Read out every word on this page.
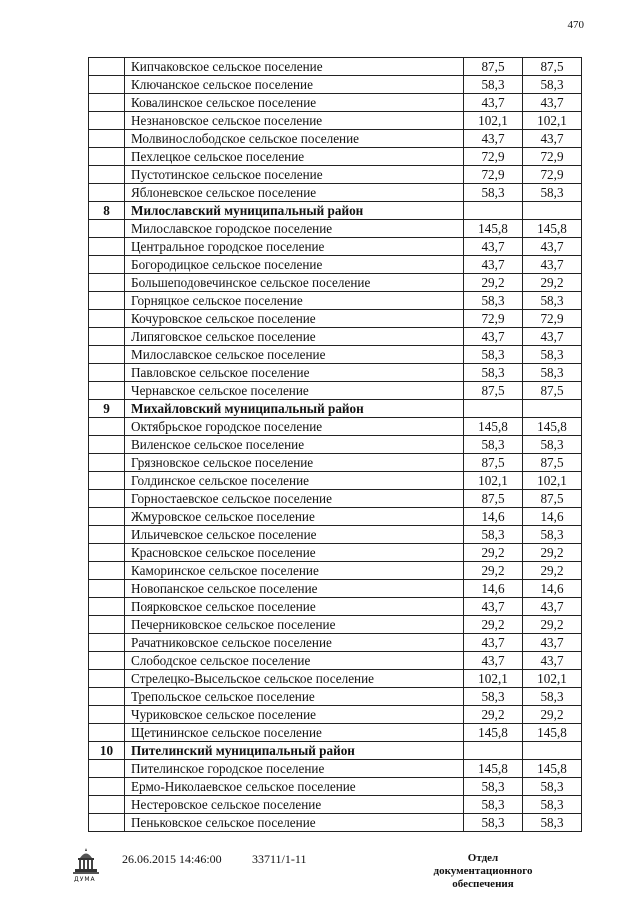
470
	Кипчаковское сельское поселение	87,5	87,5
	Ключанское сельское поселение	58,3	58,3
	Ковалинское сельское поселение	43,7	43,7
	Незнановское сельское поселение	102,1	102,1
	Молвинослободское сельское поселение	43,7	43,7
	Пехлецкое сельское поселение	72,9	72,9
	Пустотинское сельское поселение	72,9	72,9
	Яблоневское сельское поселение	58,3	58,3
8	Милославский муниципальный район		
	Милославское городское поселение	145,8	145,8
	Центральное городское поселение	43,7	43,7
	Богородицкое сельское поселение	43,7	43,7
	Большеподовечинское сельское поселение	29,2	29,2
	Горняцкое сельское поселение	58,3	58,3
	Кочуровское сельское поселение	72,9	72,9
	Липяговское сельское поселение	43,7	43,7
	Милославское сельское поселение	58,3	58,3
	Павловское сельское поселение	58,3	58,3
	Чернавское сельское поселение	87,5	87,5
9	Михайловский муниципальный район		
	Октябрьское городское поселение	145,8	145,8
	Виленское сельское поселение	58,3	58,3
	Грязновское сельское поселение	87,5	87,5
	Голдинское сельское поселение	102,1	102,1
	Горностаевское сельское поселение	87,5	87,5
	Жмуровское сельское поселение	14,6	14,6
	Ильичевское сельское поселение	58,3	58,3
	Красновское сельское поселение	29,2	29,2
	Каморинское сельское поселение	29,2	29,2
	Новопанское сельское поселение	14,6	14,6
	Поярковское сельское поселение	43,7	43,7
	Печерниковское сельское поселение	29,2	29,2
	Рачатниковское сельское поселение	43,7	43,7
	Слободское сельское поселение	43,7	43,7
	Стрелецко-Высельское сельское поселение	102,1	102,1
	Трепольское сельское поселение	58,3	58,3
	Чуриковское сельское поселение	29,2	29,2
	Щетининское сельское поселение	145,8	145,8
10	Пителинский муниципальный район		
	Пителинское городское поселение	145,8	145,8
	Ермо-Николаевское сельское поселение	58,3	58,3
	Нестеровское сельское поселение	58,3	58,3
	Пеньковское сельское поселение	58,3	58,3
ДУМА
26.06.2015 14:46:00	33711/1-11	Отдел документационного
обеспечения
